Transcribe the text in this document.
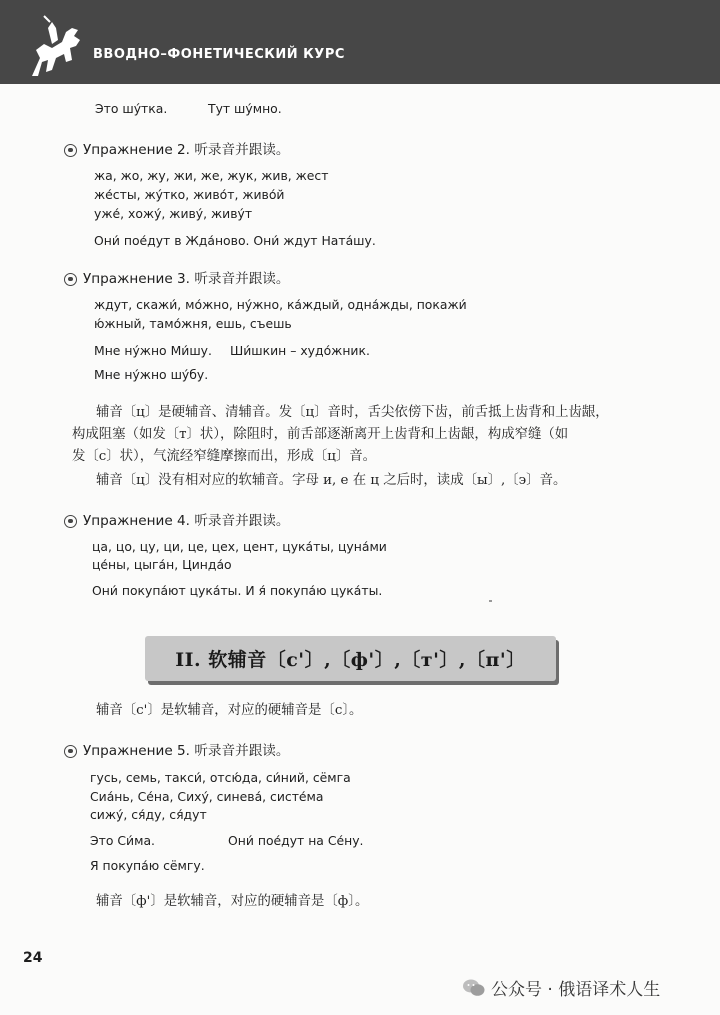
ВВОДНО–ФОНЕТИЧЕСКИЙ КУРС
Это шу́тка.	Тут шу́мно.
Упражнение 2.
听录音并跟读。
жа, жо, жу, жи, же, жук, жив, жест
же́сты, жу́тко, живо́т, живо́й
уже́, хожу́, живу́, живу́т
Они́ пое́дут в Жда́ново. Они́ ждут Ната́шу.
Упражнение 3.
听录音并跟读。
ждут, скажи́, мо́жно, ну́жно, ка́ждый, одна́жды, покажи́
ю́жный, тамо́жня, ешь, съешь
Мне ну́жно Ми́шу. Ши́шкин – худо́жник.
Мне ну́жно шу́бу.
辅音〔ц〕是硬辅音、清辅音。发〔ц〕音时，舌尖依傍下齿，前舌抵上齿背和上齿龈，
构成阻塞（如发〔т〕状），除阻时，前舌部逐渐离开上齿背和上齿龈，构成窄缝（如
发〔с〕状），气流经窄缝摩擦而出，形成〔ц〕音。
辅音〔ц〕没有相对应的软辅音。字母 и, е 在 ц 之后时，读成〔ы〕,〔э〕音。
Упражнение 4.
听录音并跟读。
ца, цо, цу, ци, це, цех, цент, цука́ты, цуна́ми
це́ны, цыга́н, Цинда́о
Они́ покупа́ют цука́ты. И я́ покупа́ю цука́ты.
II. 软辅音〔с'〕,〔ф'〕,〔т'〕,〔п'〕
辅音〔с'〕是软辅音，对应的硬辅音是〔с〕。
Упражнение 5.
听录音并跟读。
гусь, семь, такси́, отсю́да, си́ний, сёмга
Сиа́нь, Се́на, Сиху́, синева́, систе́ма
сижу́, ся́ду, ся́дут
Это Си́ма.	Они́ пое́дут на Се́ну.
Я покупа́ю сёмгу.
辅音〔ф'〕是软辅音，对应的硬辅音是〔ф〕。
24
公众号 · 俄语译术人生
